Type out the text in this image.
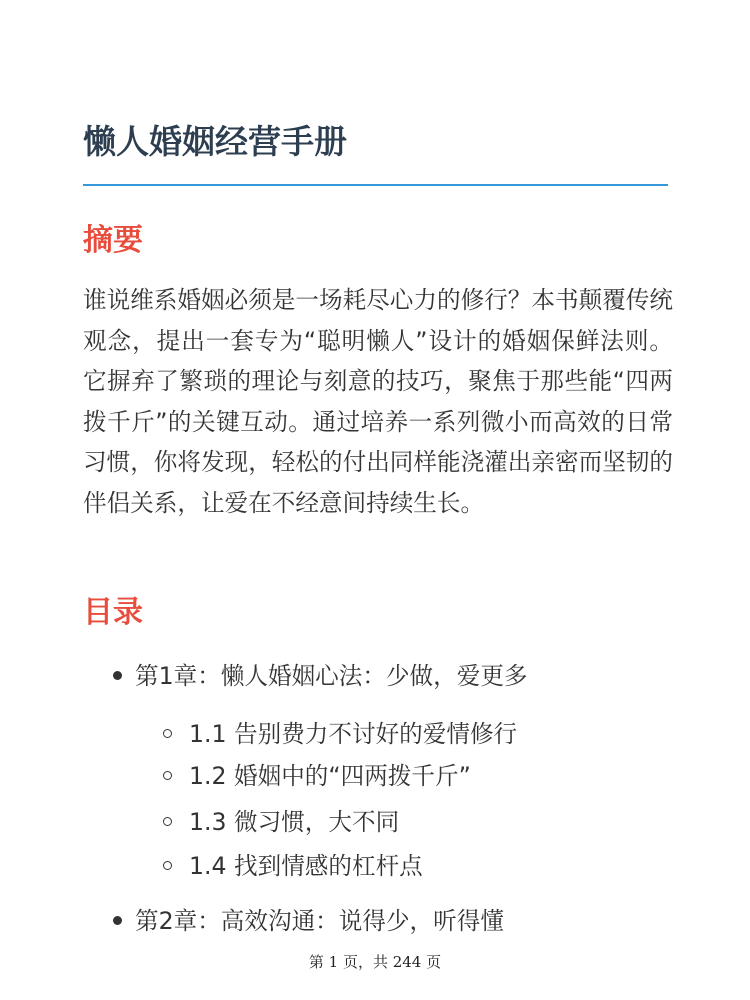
懒人婚姻经营手册
摘要

谁说维系婚姻必须是一场耗尽心力的修行？本书颠覆传统观念，提出一套专为“聪明懒人”设计的婚姻保鲜法则。它摒弃了繁琐的理论与刻意的技巧，聚焦于那些能“四两拨千斤”的关键互动。通过培养一系列微小而高效的日常习惯，你将发现，轻松的付出同样能浇灌出亲密而坚韧的伴侣关系，让爱在不经意间持续生长。

目录
第1章：懒人婚姻心法：少做，爱更多
1.1 告别费力不讨好的爱情修行
1.2 婚姻中的“四两拨千斤”
1.3 微习惯，大不同
1.4 找到情感的杠杆点
第2章：高效沟通：说得少，听得懂
第 1 页，共 244 页
